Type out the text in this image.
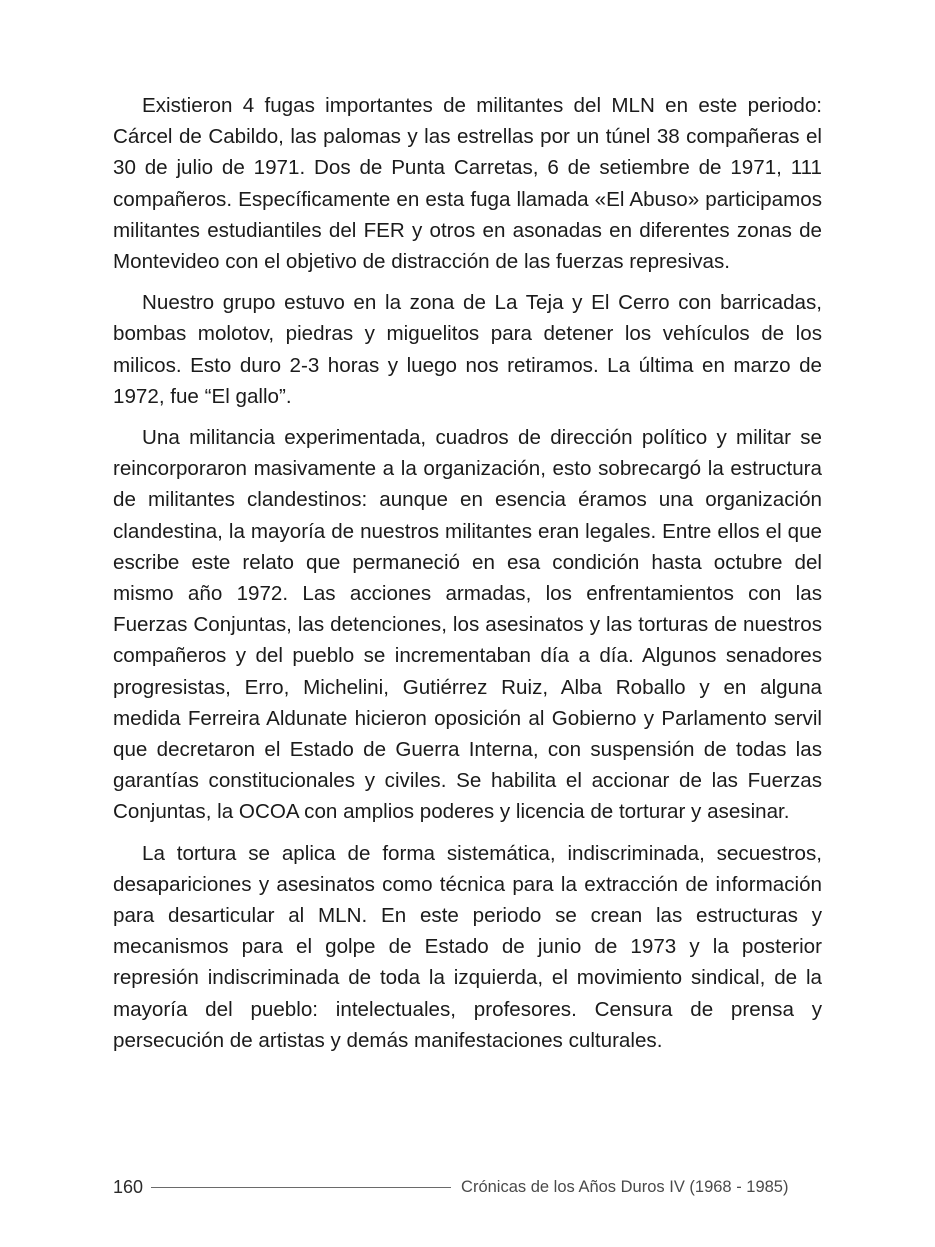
Existieron 4 fugas importantes de militantes del MLN en este periodo: Cárcel de Cabildo, las palomas y las estrellas por un túnel 38 compañeras el 30 de julio de 1971. Dos de Punta Carretas, 6 de setiembre de 1971, 111 compañeros. Específicamente en esta fuga llamada «El Abuso» participamos militantes estudiantiles del FER y otros en asonadas en diferentes zonas de Montevideo con el objetivo de distracción de las fuerzas represivas.

Nuestro grupo estuvo en la zona de La Teja y El Cerro con barricadas, bombas molotov, piedras y miguelitos para detener los vehículos de los milicos. Esto duro 2-3 horas y luego nos retiramos. La última en marzo de 1972, fue “El gallo”.

Una militancia experimentada, cuadros de dirección político y militar se reincorporaron masivamente a la organización, esto sobrecargó la estructura de militantes clandestinos: aunque en esencia éramos una organización clandestina, la mayoría de nuestros militantes eran legales. Entre ellos el que escribe este relato que permaneció en esa condición hasta octubre del mismo año 1972. Las acciones armadas, los enfrentamientos con las Fuerzas Conjuntas, las detenciones, los asesinatos y las torturas de nuestros compañeros y del pueblo se incrementaban día a día. Algunos senadores progresistas, Erro, Michelini, Gutiérrez Ruiz, Alba Roballo y en alguna medida Ferreira Aldunate hicieron oposición al Gobierno y Parlamento servil que decretaron el Estado de Guerra Interna, con suspensión de todas las garantías constitucionales y civiles. Se habilita el accionar de las Fuerzas Conjuntas, la OCOA con amplios poderes y licencia de torturar y asesinar.

La tortura se aplica de forma sistemática, indiscriminada, secuestros, desapariciones y asesinatos como técnica para la extracción de información para desarticular al MLN. En este periodo se crean las estructuras y mecanismos para el golpe de Estado de junio de 1973 y la posterior represión indiscriminada de toda la izquierda, el movimiento sindical, de la mayoría del pueblo: intelectuales, profesores. Censura de prensa y persecución de artistas y demás manifestaciones culturales.

160	Crónicas de los Años Duros IV (1968 - 1985)
